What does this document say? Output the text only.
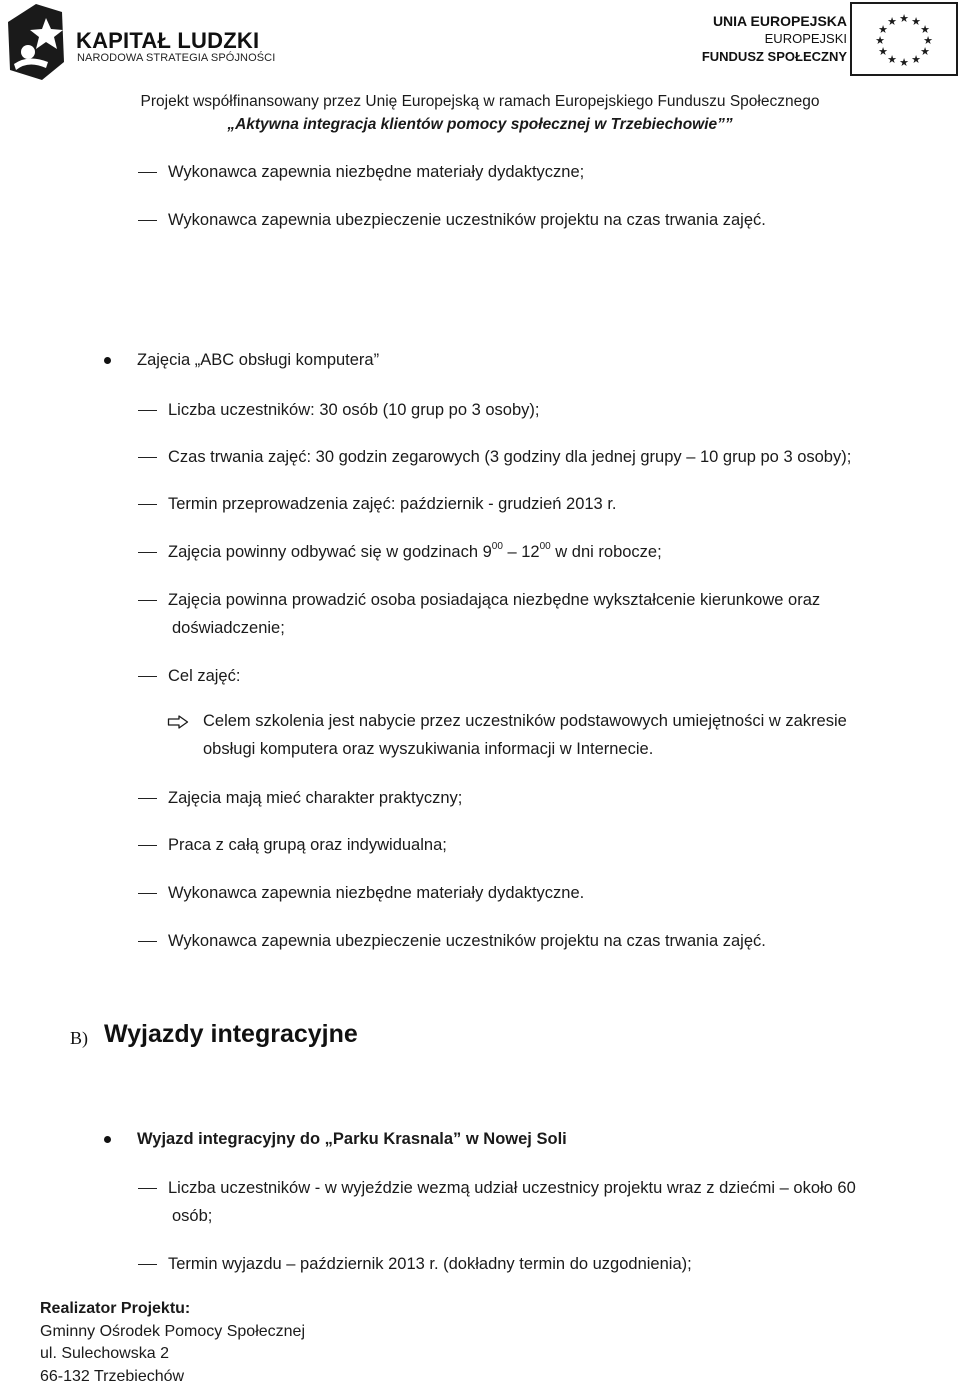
KAPITAŁ LUDZKI
NARODOWA STRATEGIA SPÓJNOŚCI
UNIA EUROPEJSKA
EUROPEJSKI
FUNDUSZ SPOŁECZNY
★ ★
★
★
★
★
★
★
★
★
★
★
Projekt współfinansowany przez Unię Europejską w ramach Europejskiego Funduszu Społecznego
„Aktywna integracja klientów pomocy społecznej w Trzebiechowie””
Wykonawca zapewnia niezbędne materiały dydaktyczne;
Wykonawca zapewnia ubezpieczenie uczestników projektu na czas trwania zajęć.
Zajęcia „ABC obsługi komputera”
Liczba uczestników: 30 osób (10 grup po 3 osoby);
Czas trwania zajęć: 30 godzin zegarowych (3 godziny dla jednej grupy – 10 grup po 3 osoby);
Termin przeprowadzenia zajęć: październik - grudzień 2013 r.
Zajęcia powinny odbywać się w godzinach $9^{00} - 12^{00}$ w dni robocze;
Zajęcia powinna prowadzić osoba posiadająca niezbędne wykształcenie kierunkowe oraz
doświadczenie;
Cel zajęć:
Celem szkolenia jest nabycie przez uczestników podstawowych umiejętności w zakresie
obsługi komputera oraz wyszukiwania informacji w Internecie.
Zajęcia mają mieć charakter praktyczny;
Praca z całą grupą oraz indywidualna;
Wykonawca zapewnia niezbędne materiały dydaktyczne.
Wykonawca zapewnia ubezpieczenie uczestników projektu na czas trwania zajęć.
B) Wyjazdy integracyjne
Wyjazd integracyjny do „Parku Krasnala” w Nowej Soli
Liczba uczestników - w wyjeździe wezmą udział uczestnicy projektu wraz z dziećmi – około 60
osób;
Termin wyjazdu – październik 2013 r. (dokładny termin do uzgodnienia);
Realizator Projektu:
Gminny Ośrodek Pomocy Społecznej
ul. Sulechowska 2
66-132 Trzebiechów
